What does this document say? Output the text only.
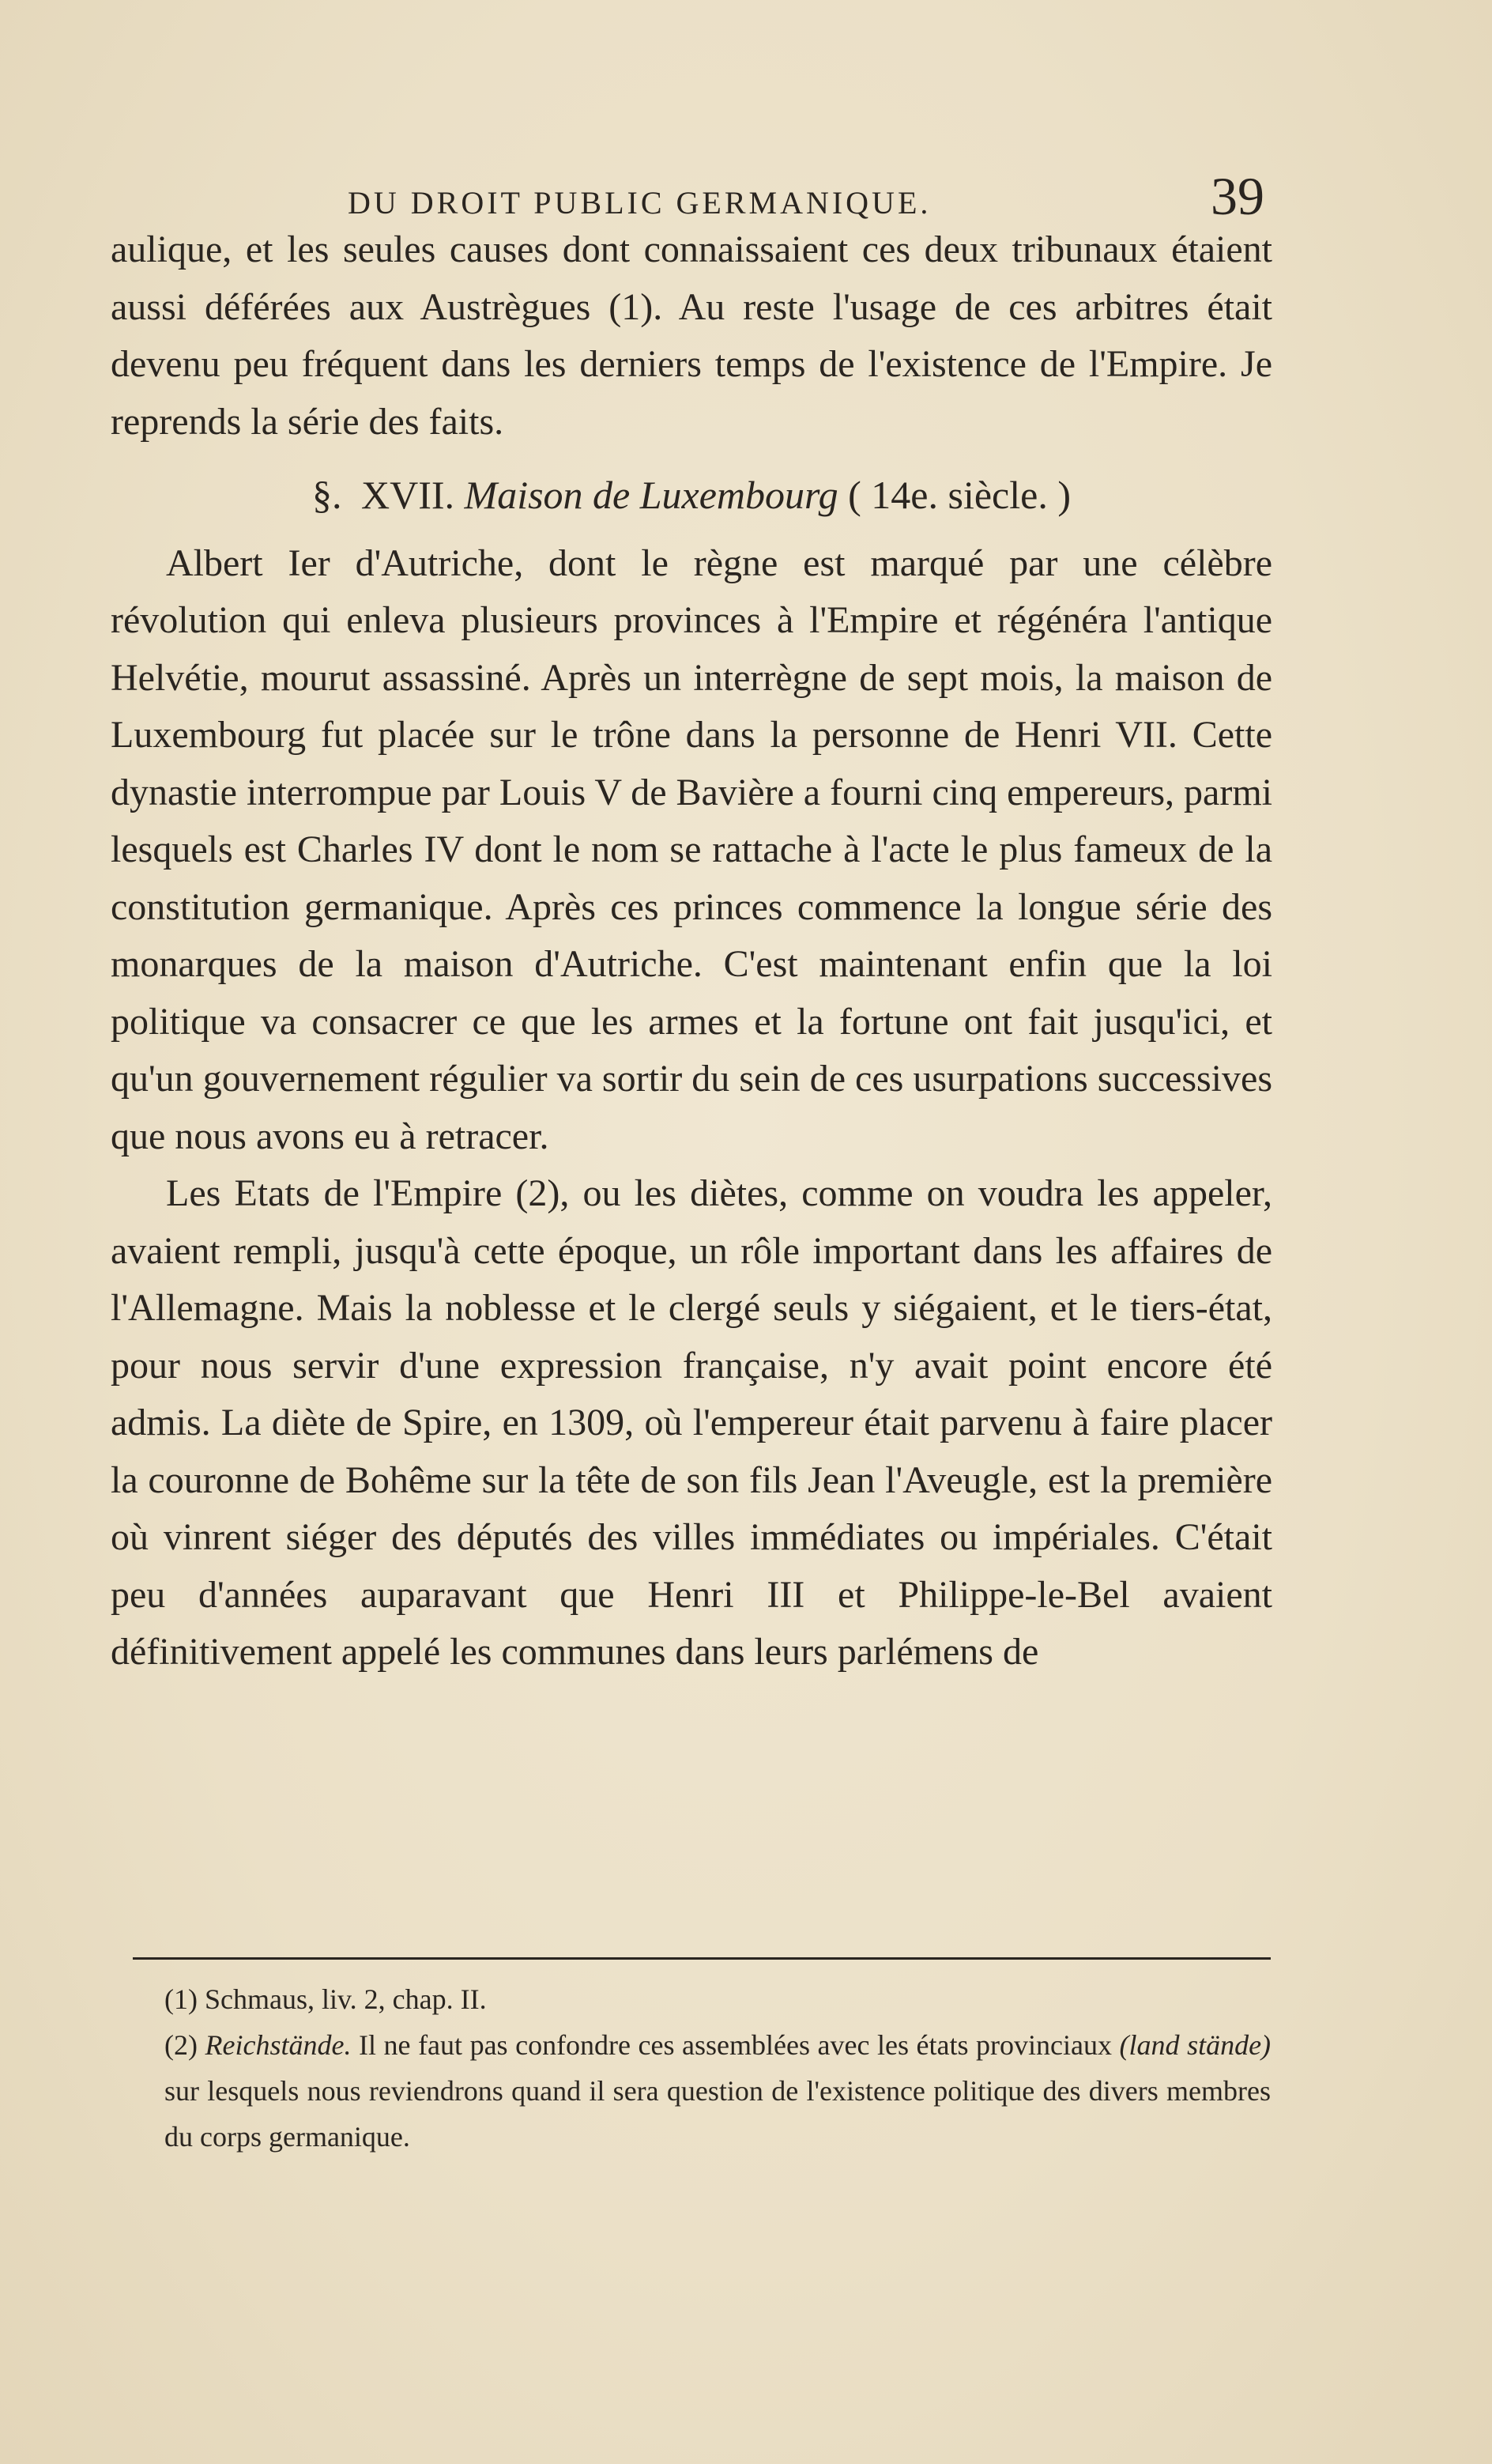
DU DROIT PUBLIC GERMANIQUE.	39

aulique, et les seules causes dont connaissaient ces deux tribunaux étaient aussi déférées aux Austrègues (1). Au reste l'usage de ces arbitres était devenu peu fréquent dans les derniers temps de l'existence de l'Empire. Je reprends la série des faits.

§. XVII. Maison de Luxembourg ( 14e. siècle. )

Albert Ier d'Autriche, dont le règne est marqué par une célèbre révolution qui enleva plusieurs provinces à l'Empire et régénéra l'antique Helvétie, mourut assassiné. Après un interrègne de sept mois, la maison de Luxembourg fut placée sur le trône dans la personne de Henri VII. Cette dynastie interrompue par Louis V de Bavière a fourni cinq empereurs, parmi lesquels est Charles IV dont le nom se rattache à l'acte le plus fameux de la constitution germanique. Après ces princes commence la longue série des monarques de la maison d'Autriche. C'est maintenant enfin que la loi politique va consacrer ce que les armes et la fortune ont fait jusqu'ici, et qu'un gouvernement régulier va sortir du sein de ces usurpations successives que nous avons eu à retracer.

Les Etats de l'Empire (2), ou les diètes, comme on voudra les appeler, avaient rempli, jusqu'à cette époque, un rôle important dans les affaires de l'Allemagne. Mais la noblesse et le clergé seuls y siégaient, et le tiers-état, pour nous servir d'une expression française, n'y avait point encore été admis. La diète de Spire, en 1309, où l'empereur était parvenu à faire placer la couronne de Bohême sur la tête de son fils Jean l'Aveugle, est la première où vinrent siéger des députés des villes immédiates ou impériales. C'était peu d'années auparavant que Henri III et Philippe-le-Bel avaient définitivement appelé les communes dans leurs parlémens de

(1) Schmaus, liv. 2, chap. II.

(2) Reichstände. Il ne faut pas confondre ces assemblées avec les états provinciaux (land stände) sur lesquels nous reviendrons quand il sera question de l'existence politique des divers membres du corps germanique.
